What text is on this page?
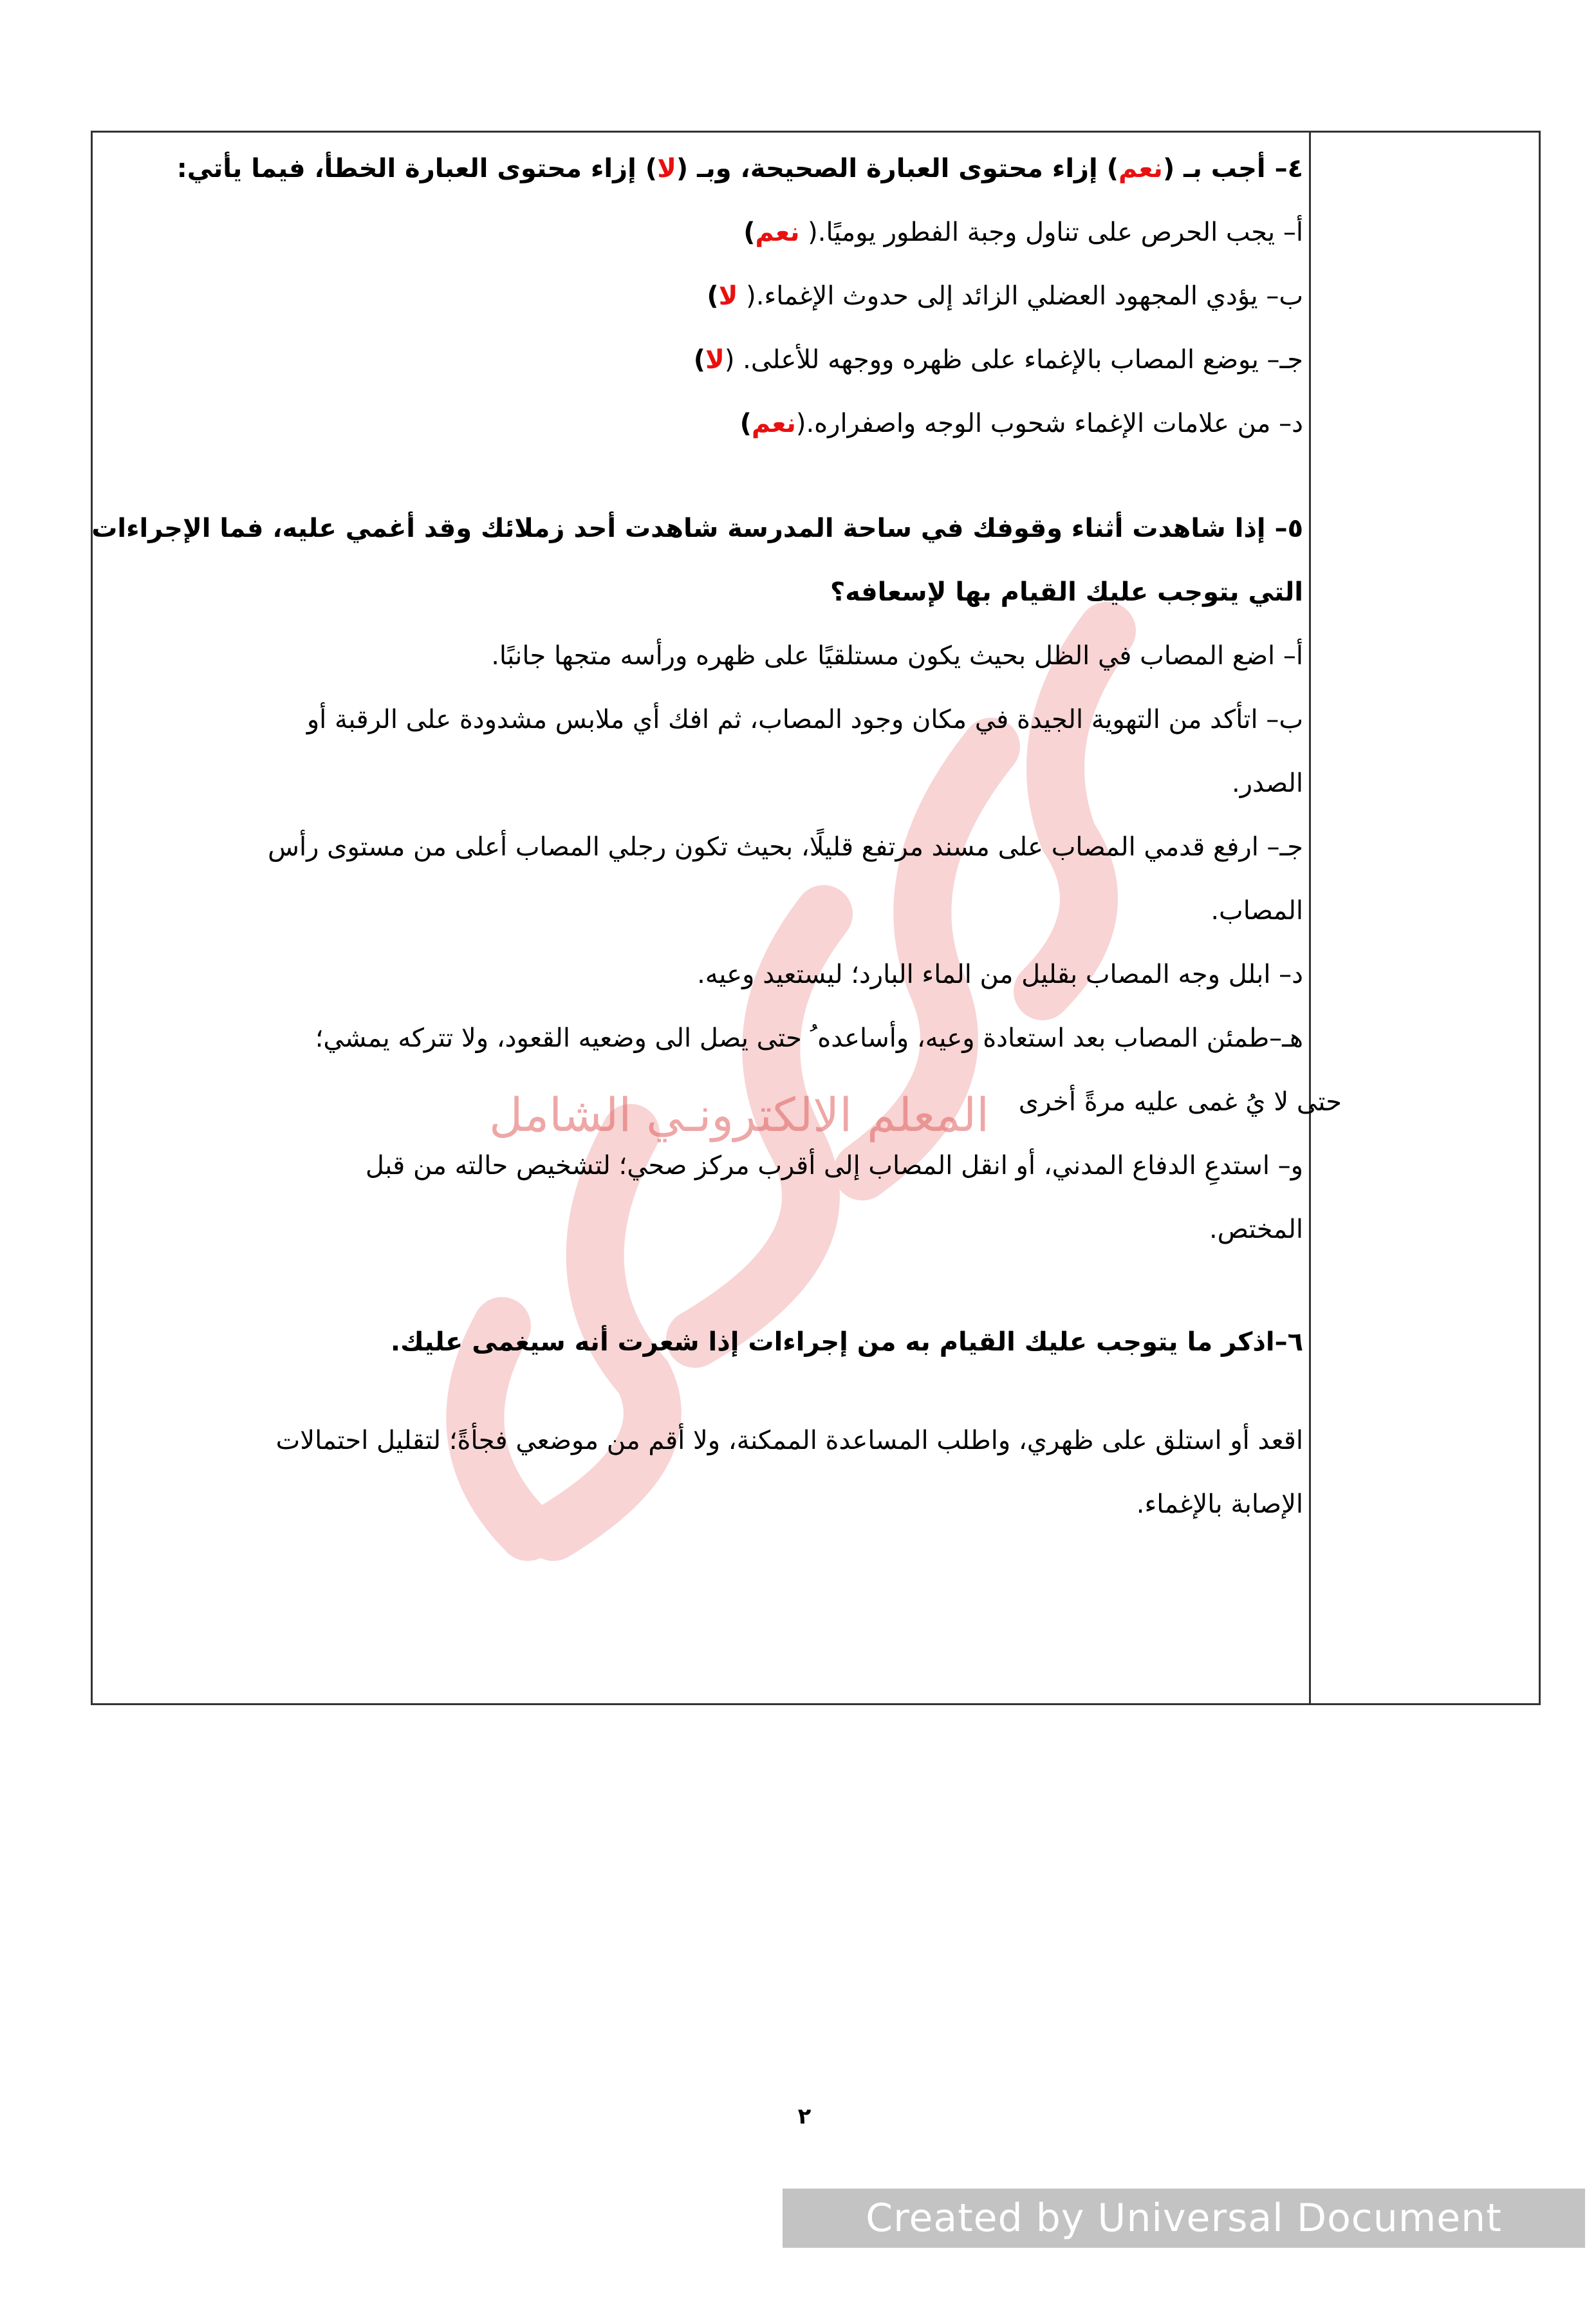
٤– أجب بـ (نعم) إزاء محتوى العبارة الصحيحة، وبـ (لا) إزاء محتوى العبارة الخطأ، فيما يأتي:
أ– يجب الحرص على تناول وجبة الفطور يوميًا.( نعم)
ب– يؤدي المجهود العضلي الزائد إلى حدوث الإغماء.( لا)
جـ– يوضع المصاب بالإغماء على ظهره ووجهه للأعلى. (لا)
د– من علامات الإغماء شحوب الوجه واصفراره.(نعم)
٥– إذا شاهدت أثناء وقوفك في ساحة المدرسة شاهدت أحد زملائك وقد أغمي عليه، فما الإجراءات
التي يتوجب عليك القيام بها لإسعافه؟
أ– اضع المصاب في الظل بحيث يكون مستلقيًا على ظهره ورأسه متجها جانبًا.
ب– اتأكد من التهوية الجيدة في مكان وجود المصاب، ثم افك أي ملابس مشدودة على الرقبة أو
الصدر.
جـ– ارفع قدمي المصاب على مسند مرتفع قليلًا، بحيث تكون رجلي المصاب أعلى من مستوى رأس
المصاب.
د– ابلل وجه المصاب بقليل من الماء البارد؛ ليستعيد وعيه.
هـ–طمئن المصاب بعد استعادة وعيه، وأساعده ُ حتى يصل الى وضعيه القعود، ولا تتركه يمشي؛
حتى لا يُ غمى عليه مرةً أخرى
و– استدعِ الدفاع المدني، أو انقل المصاب إلى أقرب مركز صحي؛ لتشخيص حالته من قبل
المختص.
٦–اذكر ما يتوجب عليك القيام به من إجراءات إذا شعرت أنه سيغمى عليك.
اقعد أو استلق على ظهري، واطلب المساعدة الممكنة، ولا أقم من موضعي فجأةً؛ لتقليل احتمالات
الإصابة بالإغماء.
المعلم الالكترونـي الشامل
٢
Created by Universal Document Converter
